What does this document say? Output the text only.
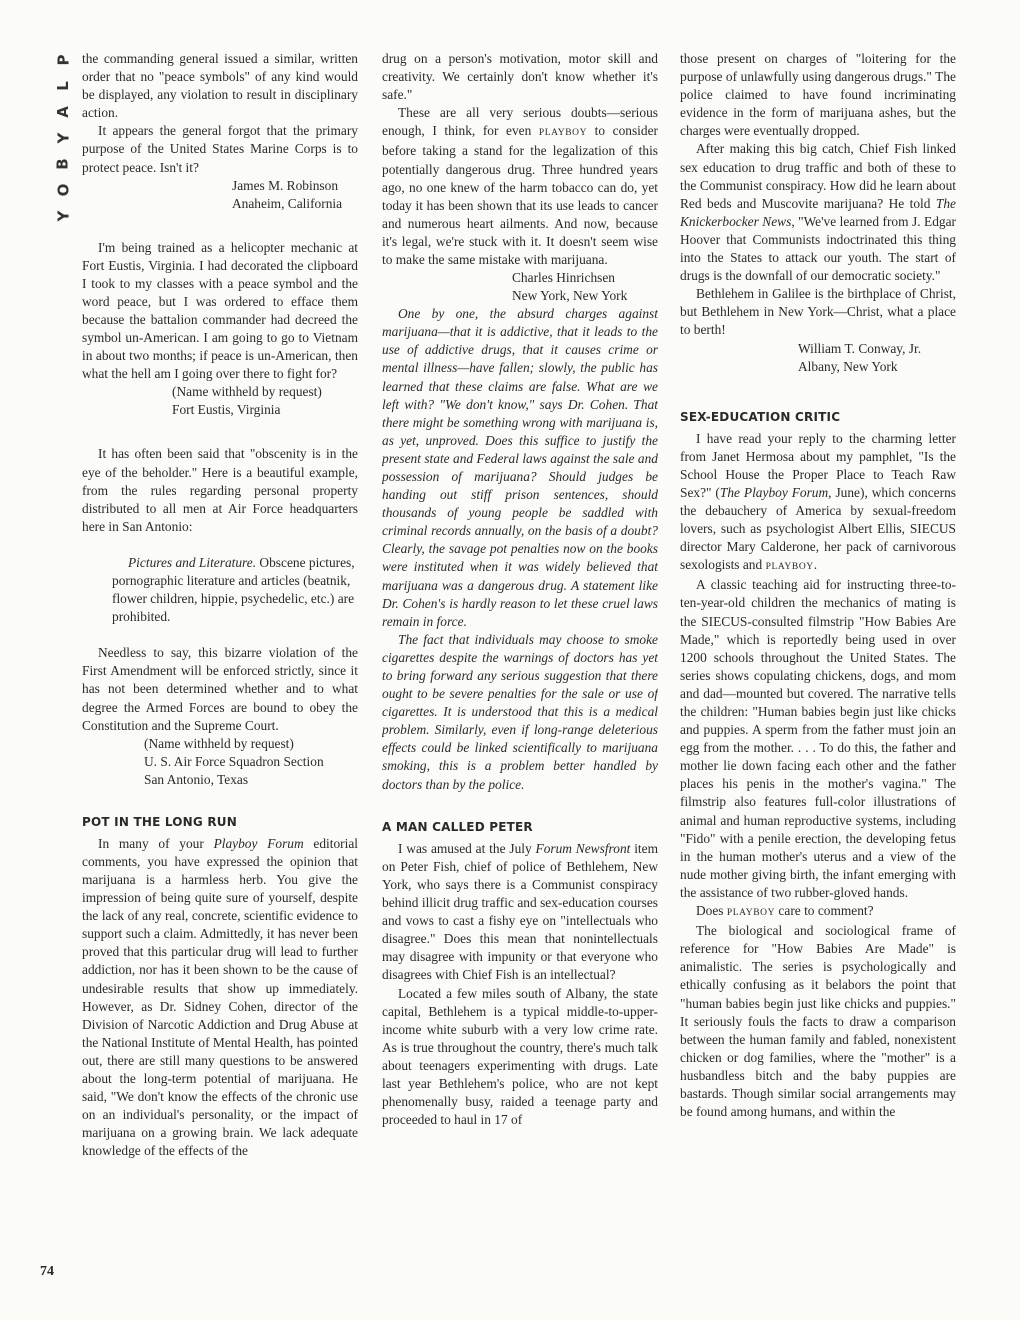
P
L
A
Y
B
O
Y
74

the commanding general issued a similar, written order that no "peace symbols" of any kind would be displayed, any violation to result in disciplinary action.

It appears the general forgot that the primary purpose of the United States Marine Corps is to protect peace. Isn't it?

James M. Robinson
Anaheim, California

I'm being trained as a helicopter mechanic at Fort Eustis, Virginia. I had decorated the clipboard I took to my classes with a peace symbol and the word peace, but I was ordered to efface them because the battalion commander had decreed the symbol un-American. I am going to go to Vietnam in about two months; if peace is un-American, then what the hell am I going over there to fight for?

(Name withheld by request)
Fort Eustis, Virginia

It has often been said that "obscenity is in the eye of the beholder." Here is a beautiful example, from the rules regarding personal property distributed to all men at Air Force headquarters here in San Antonio:

Pictures and Literature. Obscene pictures, pornographic literature and articles (beatnik, flower children, hippie, psychedelic, etc.) are prohibited.

Needless to say, this bizarre violation of the First Amendment will be enforced strictly, since it has not been determined whether and to what degree the Armed Forces are bound to obey the Constitution and the Supreme Court.

(Name withheld by request)
U. S. Air Force Squadron Section
San Antonio, Texas
POT IN THE LONG RUN

In many of your Playboy Forum editorial comments, you have expressed the opinion that marijuana is a harmless herb. You give the impression of being quite sure of yourself, despite the lack of any real, concrete, scientific evidence to support such a claim. Admittedly, it has never been proved that this particular drug will lead to further addiction, nor has it been shown to be the cause of undesirable results that show up immediately. However, as Dr. Sidney Cohen, director of the Division of Narcotic Addiction and Drug Abuse at the National Institute of Mental Health, has pointed out, there are still many questions to be answered about the long-term potential of marijuana. He said, "We don't know the effects of the chronic use on an individual's personality, or the impact of marijuana on a growing brain. We lack adequate knowledge of the effects of the

drug on a person's motivation, motor skill and creativity. We certainly don't know whether it's safe."

These are all very serious doubts—serious enough, I think, for even PLAYBOY to consider before taking a stand for the legalization of this potentially dangerous drug. Three hundred years ago, no one knew of the harm tobacco can do, yet today it has been shown that its use leads to cancer and numerous heart ailments. And now, because it's legal, we're stuck with it. It doesn't seem wise to make the same mistake with marijuana.

Charles Hinrichsen
New York, New York

One by one, the absurd charges against marijuana—that it is addictive, that it leads to the use of addictive drugs, that it causes crime or mental illness—have fallen; slowly, the public has learned that these claims are false. What are we left with? "We don't know," says Dr. Cohen. That there might be something wrong with marijuana is, as yet, unproved. Does this suffice to justify the present state and Federal laws against the sale and possession of marijuana? Should judges be handing out stiff prison sentences, should thousands of young people be saddled with criminal records annually, on the basis of a doubt? Clearly, the savage pot penalties now on the books were instituted when it was widely believed that marijuana was a dangerous drug. A statement like Dr. Cohen's is hardly reason to let these cruel laws remain in force.

The fact that individuals may choose to smoke cigarettes despite the warnings of doctors has yet to bring forward any serious suggestion that there ought to be severe penalties for the sale or use of cigarettes. It is understood that this is a medical problem. Similarly, even if long-range deleterious effects could be linked scientifically to marijuana smoking, this is a problem better handled by doctors than by the police.

A MAN CALLED PETER

I was amused at the July Forum Newsfront item on Peter Fish, chief of police of Bethlehem, New York, who says there is a Communist conspiracy behind illicit drug traffic and sex-education courses and vows to cast a fishy eye on "intellectuals who disagree." Does this mean that nonintellectuals may disagree with impunity or that everyone who disagrees with Chief Fish is an intellectual?

Located a few miles south of Albany, the state capital, Bethlehem is a typical middle-to-upper-income white suburb with a very low crime rate. As is true throughout the country, there's much talk about teenagers experimenting with drugs. Late last year Bethlehem's police, who are not kept phenomenally busy, raided a teenage party and proceeded to haul in 17 of

those present on charges of "loitering for the purpose of unlawfully using dangerous drugs." The police claimed to have found incriminating evidence in the form of marijuana ashes, but the charges were eventually dropped.

After making this big catch, Chief Fish linked sex education to drug traffic and both of these to the Communist conspiracy. How did he learn about Red beds and Muscovite marijuana? He told The Knickerbocker News, "We've learned from J. Edgar Hoover that Communists indoctrinated this thing into the States to attack our youth. The start of drugs is the downfall of our democratic society."

Bethlehem in Galilee is the birthplace of Christ, but Bethlehem in New York—Christ, what a place to berth!

William T. Conway, Jr.
Albany, New York
SEX-EDUCATION CRITIC

I have read your reply to the charming letter from Janet Hermosa about my pamphlet, "Is the School House the Proper Place to Teach Raw Sex?" (The Playboy Forum, June), which concerns the debauchery of America by sexual-freedom lovers, such as psychologist Albert Ellis, SIECUS director Mary Calderone, her pack of carnivorous sexologists and PLAYBOY.

A classic teaching aid for instructing three-to-ten-year-old children the mechanics of mating is the SIECUS-consulted filmstrip "How Babies Are Made," which is reportedly being used in over 1200 schools throughout the United States. The series shows copulating chickens, dogs, and mom and dad—mounted but covered. The narrative tells the children: "Human babies begin just like chicks and puppies. A sperm from the father must join an egg from the mother. . . . To do this, the father and mother lie down facing each other and the father places his penis in the mother's vagina." The filmstrip also features full-color illustrations of animal and human reproductive systems, including "Fido" with a penile erection, the developing fetus in the human mother's uterus and a view of the nude mother giving birth, the infant emerging with the assistance of two rubber-gloved hands.

Does PLAYBOY care to comment?

The biological and sociological frame of reference for "How Babies Are Made" is animalistic. The series is psychologically and ethically confusing as it belabors the point that "human babies begin just like chicks and puppies." It seriously fouls the facts to draw a comparison between the human family and fabled, nonexistent chicken or dog families, where the "mother" is a husbandless bitch and the baby puppies are bastards. Though similar social arrangements may be found among humans, and within the
